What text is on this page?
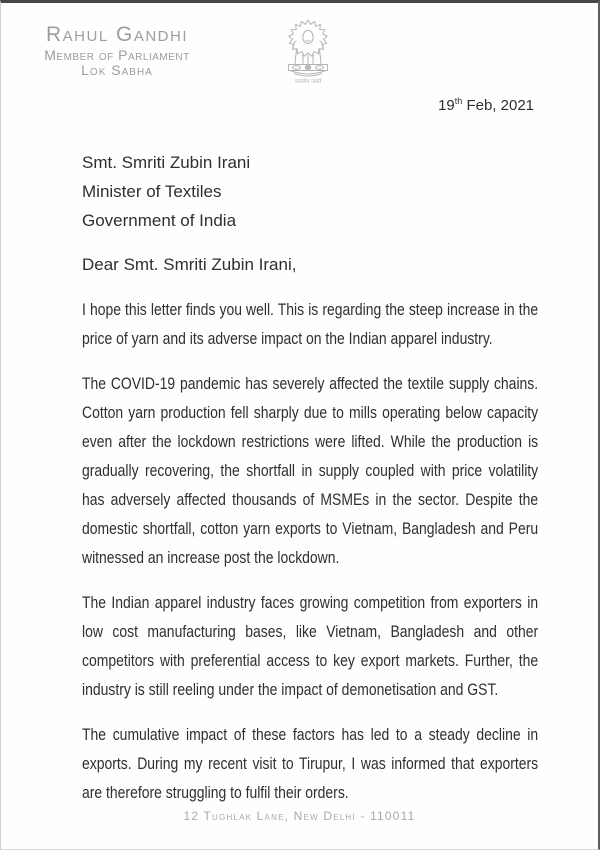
Rahul Gandhi
Member of Parliament
Lok Sabha
सत्यमेव जयते
19th Feb, 2021
Smt. Smriti Zubin Irani
Minister of Textiles
Government of India

Dear Smt. Smriti Zubin Irani,

I hope this letter finds you well. This is regarding the steep increase in the price of yarn and its adverse impact on the Indian apparel industry.

The COVID-19 pandemic has severely affected the textile supply chains. Cotton yarn production fell sharply due to mills operating below capacity even after the lockdown restrictions were lifted. While the production is gradually recovering, the shortfall in supply coupled with price volatility has adversely affected thousands of MSMEs in the sector. Despite the domestic shortfall, cotton yarn exports to Vietnam, Bangladesh and Peru witnessed an increase post the lockdown.

The Indian apparel industry faces growing competition from exporters in low cost manufacturing bases, like Vietnam, Bangladesh and other competitors with preferential access to key export markets. Further, the industry is still reeling under the impact of demonetisation and GST.

The cumulative impact of these factors has led to a steady decline in exports. During my recent visit to Tirupur, I was informed that exporters are therefore struggling to fulfil their orders.

12 Tughlak Lane, New Delhi - 110011
